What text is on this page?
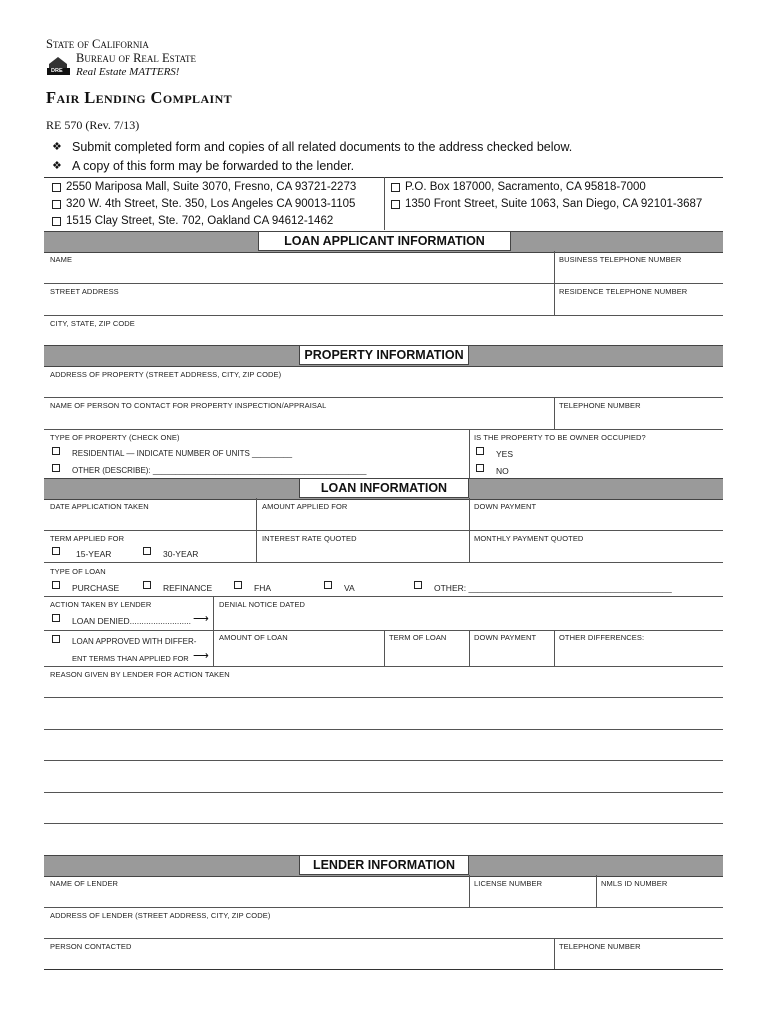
State of California
Bureau of Real Estate
Real Estate MATTERS!
DRE
Fair Lending Complaint
RE 570 (Rev. 7/13)
❖ Submit completed form and copies of all related documents to the address checked below.
❖ A copy of this form may be forwarded to the lender.
2550 Mariposa Mall, Suite 3070, Fresno, CA 93721-2273
320 W. 4th Street, Ste. 350, Los Angeles CA 90013-1105
1515 Clay Street, Ste. 702, Oakland CA 94612-1462
P.O. Box 187000, Sacramento, CA 95818-7000
1350 Front Street, Suite 1063, San Diego, CA 92101-3687
LOAN APPLICANT INFORMATION
NAME	BUSINESS TELEPHONE NUMBER
STREET ADDRESS	RESIDENCE TELEPHONE NUMBER
CITY, STATE, ZIP CODE
PROPERTY INFORMATION
ADDRESS OF PROPERTY (STREET ADDRESS, CITY, ZIP CODE)
NAME OF PERSON TO CONTACT FOR PROPERTY INSPECTION/APPRAISAL	TELEPHONE NUMBER
TYPE OF PROPERTY (CHECK ONE)	IS THE PROPERTY TO BE OWNER OCCUPIED?
RESIDENTIAL — INDICATE NUMBER OF UNITS _________
OTHER (DESCRIBE): ________________________________________________
YES
NO
LOAN INFORMATION
DATE APPLICATION TAKEN	AMOUNT APPLIED FOR	DOWN PAYMENT
TERM APPLIED FOR	INTEREST RATE QUOTED	MONTHLY PAYMENT QUOTED
15-YEAR	30-YEAR
TYPE OF LOAN
PURCHASE	REFINANCE	FHA	VA	OTHER: ___________________________________________
ACTION TAKEN BY LENDER	DENIAL NOTICE DATED
LOAN DENIED.......................... ⟶
LOAN APPROVED WITH DIFFER-
ENT TERMS THAN APPLIED FOR ⟶
AMOUNT OF LOAN	TERM OF LOAN	DOWN PAYMENT	OTHER DIFFERENCES:
REASON GIVEN BY LENDER FOR ACTION TAKEN
LENDER INFORMATION
NAME OF LENDER	LICENSE NUMBER	NMLS ID NUMBER
ADDRESS OF LENDER (STREET ADDRESS, CITY, ZIP CODE)
PERSON CONTACTED	TELEPHONE NUMBER
